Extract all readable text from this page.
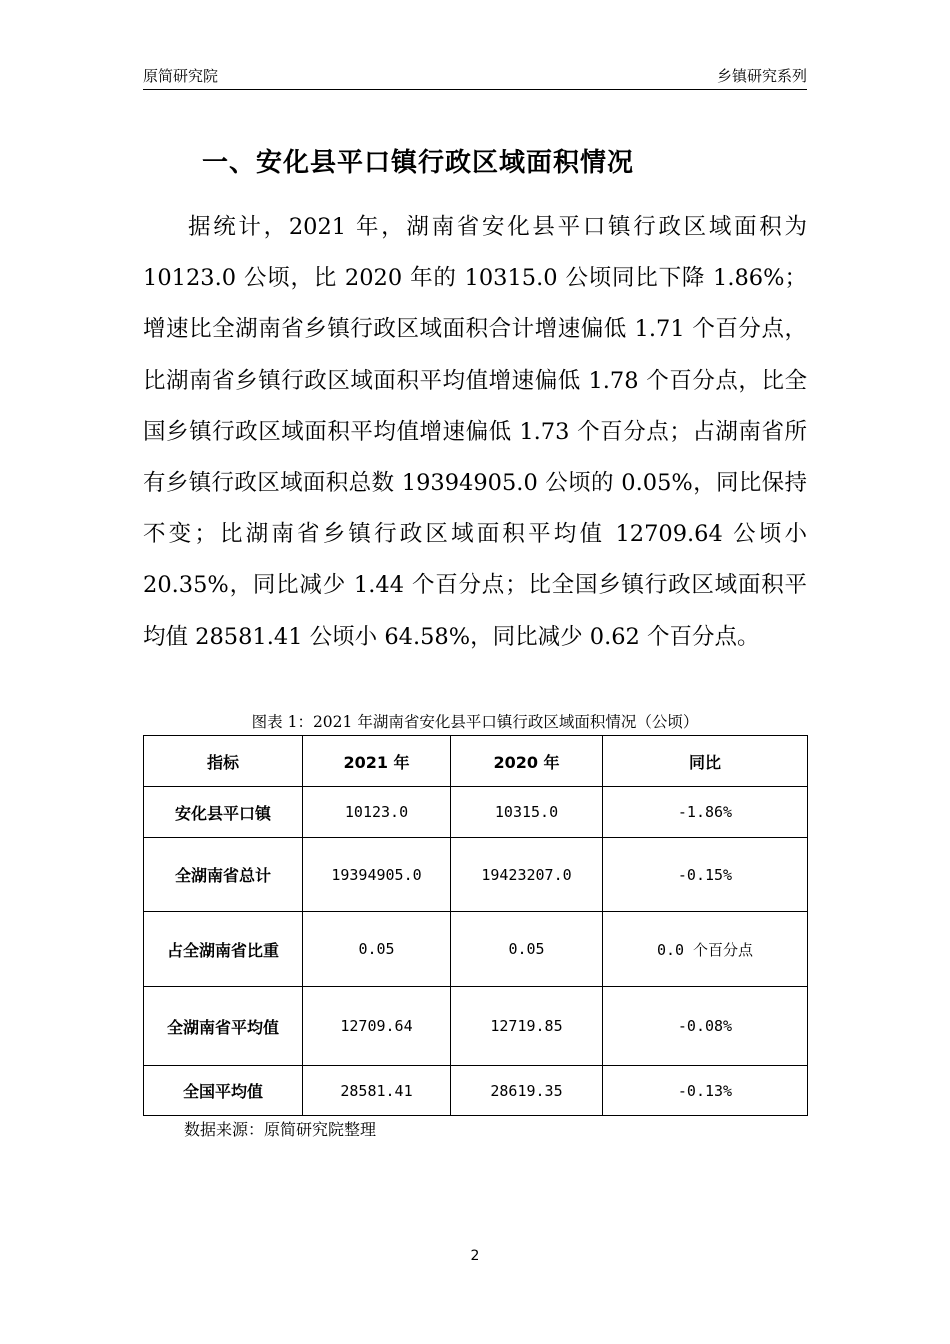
原简研究院	乡镇研究系列
一、安化县平口镇行政区域面积情况

据统计，2021 年，湖南省安化县平口镇行政区域面积为 10123.0 公顷，比 2020 年的 10315.0 公顷同比下降 1.86%；增速比全湖南省乡镇行政区域面积合计增速偏低 1.71 个百分点，比湖南省乡镇行政区域面积平均值增速偏低 1.78 个百分点，比全国乡镇行政区域面积平均值增速偏低 1.73 个百分点；占湖南省所有乡镇行政区域面积总数 19394905.0 公顷的 0.05%，同比保持不变；比湖南省乡镇行政区域面积平均值 12709.64 公顷小 20.35%，同比减少 1.44 个百分点；比全国乡镇行政区域面积平均值 28581.41 公顷小 64.58%，同比减少 0.62 个百分点。

图表 1：2021 年湖南省安化县平口镇行政区域面积情况（公顷）

指标	2021 年	2020 年	同比
安化县平口镇	10123.0	10315.0	-1.86%
全湖南省总计	19394905.0	19423207.0	-0.15%
占全湖南省比重	0.05	0.05	0.0 个百分点
全湖南省平均值	12709.64	12719.85	-0.08%
全国平均值	28581.41	28619.35	-0.13%

数据来源：原简研究院整理

2
